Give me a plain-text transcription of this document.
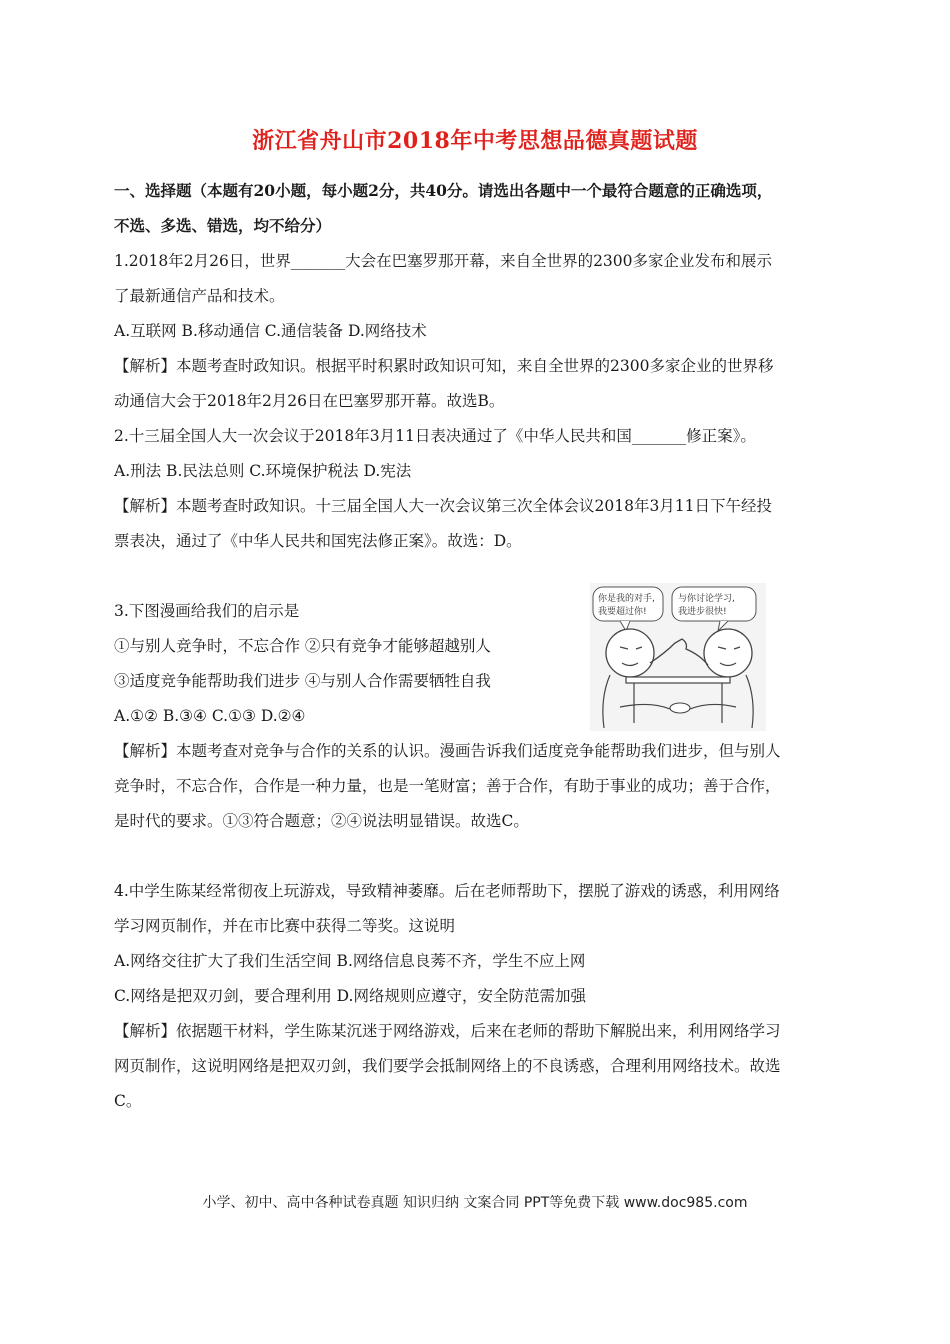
浙江省舟山市2018年中考思想品德真题试题
一、选择题（本题有20小题，每小题2分，共40分。请选出各题中一个最符合题意的正确选项，
不选、多选、错选，均不给分）
1.2018年2月26日，世界_______大会在巴塞罗那开幕，来自全世界的2300多家企业发布和展示
了最新通信产品和技术。
A.互联网 B.移动通信 C.通信装备 D.网络技术
【解析】本题考查时政知识。根据平时积累时政知识可知，来自全世界的2300多家企业的世界移
动通信大会于2018年2月26日在巴塞罗那开幕。故选B。
2.十三届全国人大一次会议于2018年3月11日表决通过了《中华人民共和国_______修正案》。
A.刑法 B.民法总则 C.环境保护税法 D.宪法
【解析】本题考查时政知识。十三届全国人大一次会议第三次全体会议2018年3月11日下午经投
票表决，通过了《中华人民共和国宪法修正案》。故选：D。
3.下图漫画给我们的启示是
①与别人竞争时，不忘合作 ②只有竞争才能够超越别人
③适度竞争能帮助我们进步 ④与别人合作需要牺牲自我
A.①② B.③④ C.①③ D.②④
你是我的对手,
我要超过你!
与你讨论学习,
我进步很快!
【解析】本题考查对竞争与合作的关系的认识。漫画告诉我们适度竞争能帮助我们进步，但与别人
竞争时，不忘合作，合作是一种力量，也是一笔财富；善于合作，有助于事业的成功；善于合作，
是时代的要求。①③符合题意；②④说法明显错误。故选C。
4.中学生陈某经常彻夜上玩游戏，导致精神萎靡。后在老师帮助下，摆脱了游戏的诱惑，利用网络
学习网页制作，并在市比赛中获得二等奖。这说明
A.网络交往扩大了我们生活空间 B.网络信息良莠不齐，学生不应上网
C.网络是把双刃剑，要合理利用 D.网络规则应遵守，安全防范需加强
【解析】依据题干材料，学生陈某沉迷于网络游戏，后来在老师的帮助下解脱出来，利用网络学习
网页制作，这说明网络是把双刃剑，我们要学会抵制网络上的不良诱惑，合理利用网络技术。故选
C。
小学、初中、高中各种试卷真题 知识归纳 文案合同 PPT等免费下载 www.doc985.com
